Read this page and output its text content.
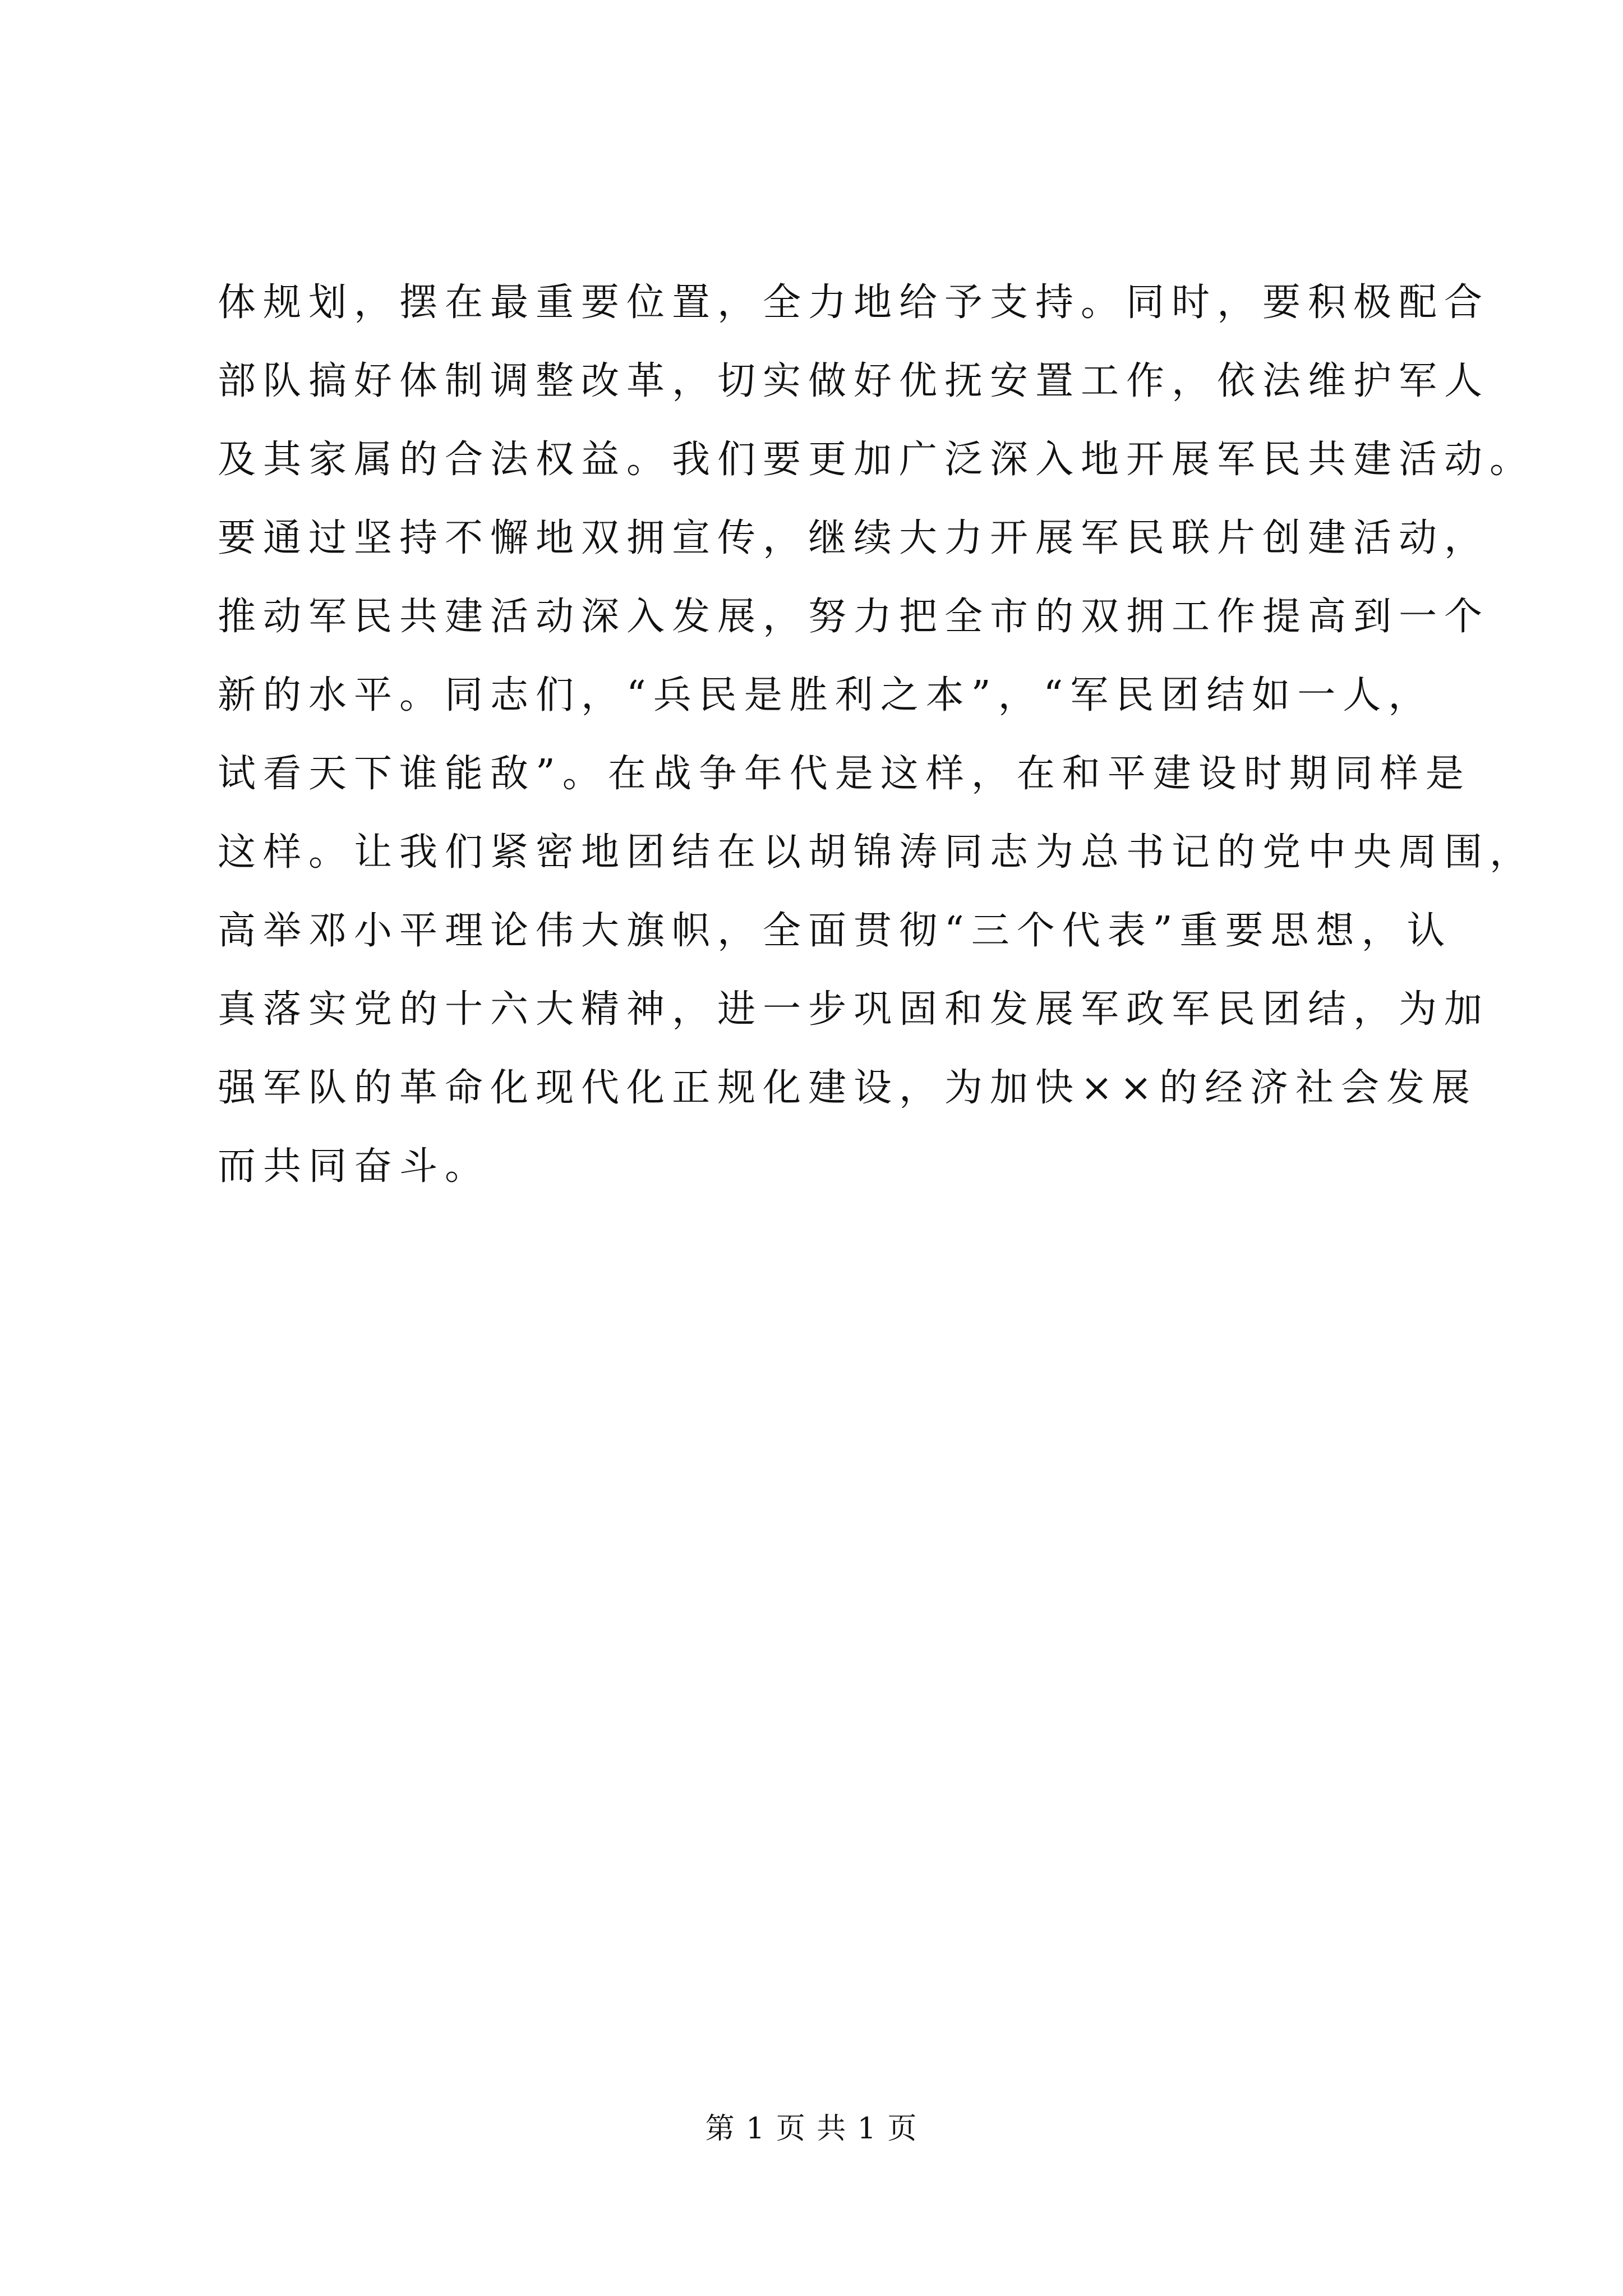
体规划，摆在最重要位置，全力地给予支持。同时，要积极配合
部队搞好体制调整改革，切实做好优抚安置工作，依法维护军人
及其家属的合法权益。我们要更加广泛深入地开展军民共建活动。
要通过坚持不懈地双拥宣传，继续大力开展军民联片创建活动，
推动军民共建活动深入发展，努力把全市的双拥工作提高到一个
新的水平。同志们，“兵民是胜利之本”，“军民团结如一人，
试看天下谁能敌”。在战争年代是这样，在和平建设时期同样是
这样。让我们紧密地团结在以胡锦涛同志为总书记的党中央周围，
高举邓小平理论伟大旗帜，全面贯彻“三个代表”重要思想，认
真落实党的十六大精神，进一步巩固和发展军政军民团结，为加
强军队的革命化现代化正规化建设，为加快××的经济社会发展
而共同奋斗。
第 1 页 共 1 页
